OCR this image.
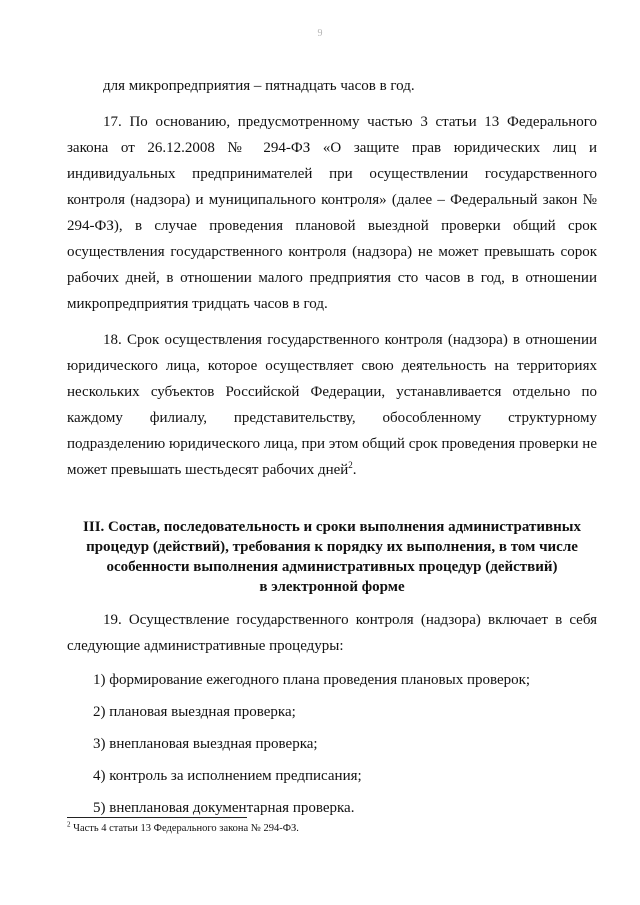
9

для микропредприятия – пятнадцать часов в год.

17. По основанию, предусмотренному частью 3 статьи 13 Федерального закона от 26.12.2008 № 294-ФЗ «О защите прав юридических лиц и индивидуальных предпринимателей при осуществлении государственного контроля (надзора) и муниципального контроля» (далее – Федеральный закон № 294-ФЗ), в случае проведения плановой выездной проверки общий срок осуществления государственного контроля (надзора) не может превышать сорок рабочих дней, в отношении малого предприятия сто часов в год, в отношении микропредприятия тридцать часов в год.

18. Срок осуществления государственного контроля (надзора) в отношении юридического лица, которое осуществляет свою деятельность на территориях нескольких субъектов Российской Федерации, устанавливается отдельно по каждому филиалу, представительству, обособленному структурному подразделению юридического лица, при этом общий срок проведения проверки не может превышать шестьдесят рабочих дней$^2$.

III. Состав, последовательность и сроки выполнения административных
процедур (действий), требования к порядку их выполнения, в том числе
особенности выполнения административных процедур (действий)
в электронной форме

19. Осуществление государственного контроля (надзора) включает в себя следующие административные процедуры:

1) формирование ежегодного плана проведения плановых проверок;

2) плановая выездная проверка;

3) внеплановая выездная проверка;

4) контроль за исполнением предписания;

5) внеплановая документарная проверка.

$^2$ Часть 4 статьи 13 Федерального закона № 294-ФЗ.
